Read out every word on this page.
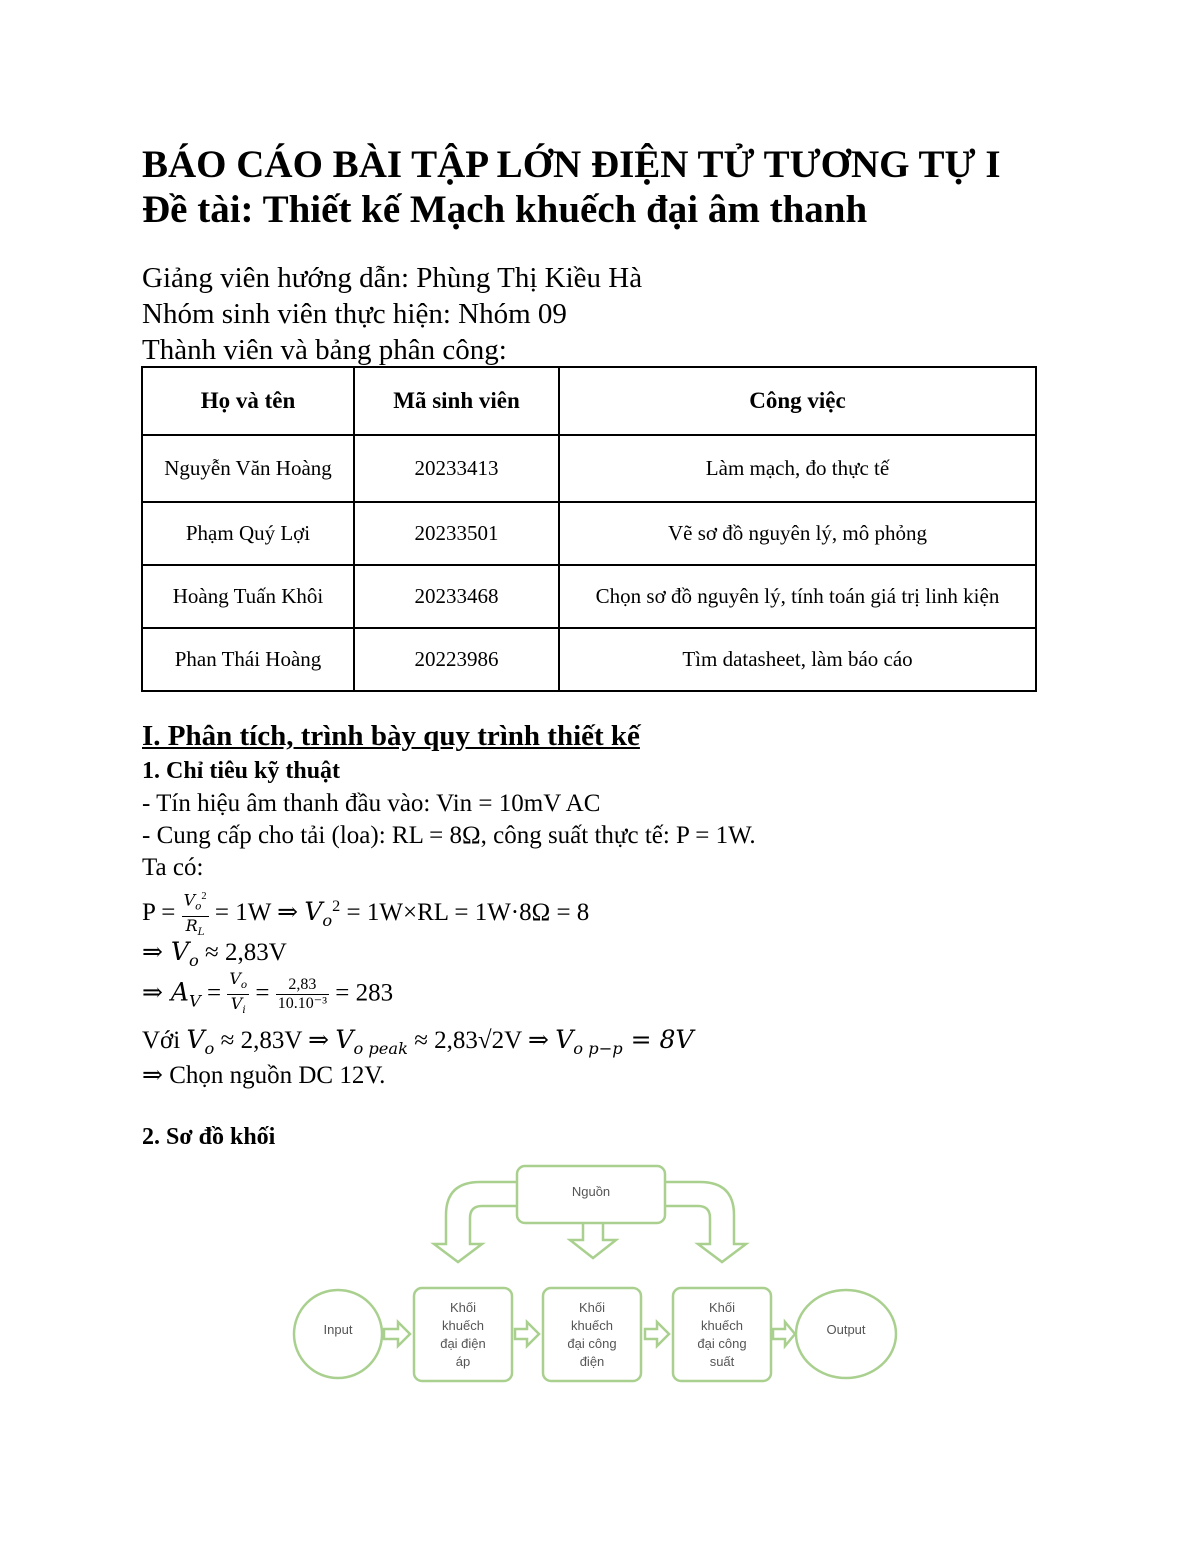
BÁO CÁO BÀI TẬP LỚN ĐIỆN TỬ TƯƠNG TỰ I
Đề tài: Thiết kế Mạch khuếch đại âm thanh
Giảng viên hướng dẫn: Phùng Thị Kiều Hà
Nhóm sinh viên thực hiện: Nhóm 09
Thành viên và bảng phân công:
Họ và tên	Mã sinh viên	Công việc
Nguyễn Văn Hoàng	20233413	Làm mạch, đo thực tế
Phạm Quý Lợi	20233501	Vẽ sơ đồ nguyên lý, mô phỏng
Hoàng Tuấn Khôi	20233468	Chọn sơ đồ nguyên lý, tính toán giá trị linh kiện
Phan Thái Hoàng	20223986	Tìm datasheet, làm báo cáo
I. Phân tích, trình bày quy trình thiết kế
1. Chỉ tiêu kỹ thuật
- Tín hiệu âm thanh đầu vào: Vin = 10mV AC
- Cung cấp cho tải (loa): RL = 8Ω, công suất thực tế: P = 1W.
Ta có:
$P = \frac{V_o^2}{R_L} = 1W$ ⇒ $V_o^2 = 1W\times RL = 1W\cdot 8\Omega = 8$
⇒ $V_o \approx 2,83V$
⇒ $A_V = \frac{V_o}{V_i} = \frac{2,83}{\text{10.10⁻³}} = 283$
Với $V_o \approx 2,83V$ ⇒ $V_{o peak} \approx 2,83√2V$ ⇒ $V_{o p-p} = 8V$
⇒ Chọn nguồn DC 12V.
2. Sơ đồ khối
Nguồn
Input	Output
Khối
khuếch
đại điện
áp
Khối
khuếch
đại công
điện
Khối
khuếch
đại công
suất
